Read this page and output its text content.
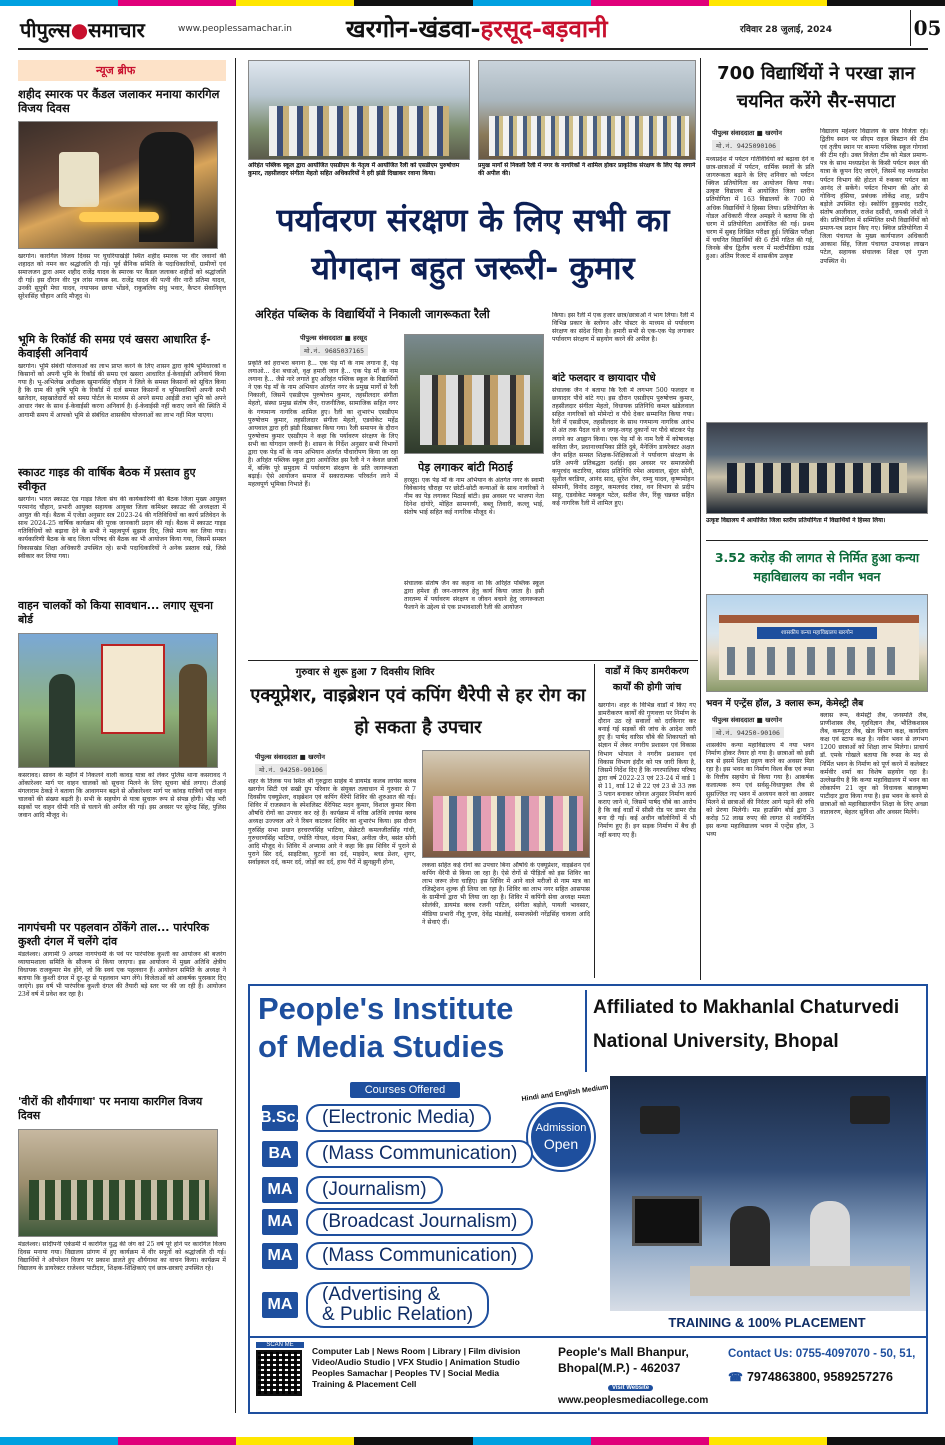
पीपुल्स●समाचार	www.peoplessamachar.in खरगोन-खंडवा-हरसूद-बड़वानी	रविवार 28 जुलाई, 2024	05
न्यूज ब्रीफ
शहीद स्मारक पर कैंडल जलाकर मनाया कारगिल विजय दिवस
खरगोन। कारगिल विजय दिवस पर घुघरियाखेड़ी स्थित शहीद स्मारक पर वीर जवानों की शहादत को नमन कर श्रद्धांजलि दी गई। पूर्व सैनिक समिति के पदाधिकारियों, ग्रामीणों एवं समाजजन द्वारा अमर शहीद राजेंद्र यादव के स्मारक पर कैंडल जलाकर शहीदों को श्रद्धांजलि दी गई। इस दौरान वीर पुत्र लांस नायक स्व. राजेंद्र यादव की पत्नी वीर नारी प्रतिमा यादव, उनकी सुपुत्री मेघा यादव, नयापस्थ छाया भोंडवे, राकुबलिय संधु भवार, कैप्टन सेवानिवृत्त सुरेशसिंह चौहान आदि मौजूद थे।
भूमि के रिकॉर्ड की समग्र एवं खसरा आधारित ई-केवाईसी अनिवार्य
खरगोन। भूमि संबंधी योजनाओं का लाभ प्राप्त करने के लिए शासन द्वारा कृषि भूमिधारकों व किसानों को अपनी भूमि के रिकॉर्ड की समग्र एवं खसरा आधारित ई-केवाईसी अनिवार्य किया गया है। भू-अभिलेख अधीक्षक खुमानसिंह चौहान ने जिले के समस्त किसानों को सूचित किया है कि ग्राम की कृषि भूमि के रिकॉर्ड में दर्ज समस्त किसानों व भूमिस्वामियों अपनी सभी खातेदार, सहखातेदारों को समग्र पोर्टल के माध्यम से अपने समग्र आईडी तथा भूमि को अपने आधार नंबर के साथ ई-केवाईसी करना अनिवार्य है। ई-केवाईसी नहीं कराए जाने की स्थिति में आगामी समय में आपको भूमि से संबंधित शासकीय योजनाओं का लाभ नहीं मिल पाएगा।
स्काउट गाइड की वार्षिक बैठक में प्रस्ताव हुए स्वीकृत
खरगोन। भारत स्काउट एंड गाइड जिला संघ की कार्यकारिणी की बैठक जिला मुख्य आयुक्त परमानंद चौहान, प्रभारी आयुक्त सहायक आयुक्त जिला कमिश्नर स्काउट की अध्यक्षता में आयुत की गई। बैठक में एजेंडा अनुसार सत्र 2023-24 की गतिविधियों का कार्य प्रतिवेदन के साथ 2024-25 वार्षिक कार्यक्रम की पूरक जानकारी प्रदान की गई। बैठक में स्काउट गाइड गतिविधियों को बढ़ावा देने के सभी ने महत्वपूर्ण सुझाव दिए, जिसे मान्य कर लिया गया। कार्यकारिणी बैठक के बाद जिला परिषद की बैठक का भी आयोजन किया गया, जिसमें समस्त विकासखंड शिक्षा अधिकारी उपस्थित रहे। सभी पदाधिकारियों ने अनेक प्रस्ताव रखे, जिसे स्वीकार कर लिया गया।
वाहन चालकों को किया सावधान... लगाए सूचना बोर्ड
कसरावद। सावन के महीने में निकलने वाली कावड़ यात्रा को लेकर पुलिस थाना कसरावद ने ओंकारेश्वर मार्ग पर वाहन चालकों को सूचना मिलने के लिए सूचना बोर्ड लगाए। टीआई मंगलाराम ठेकड़े ने बताया कि आवागमन बढ़ने से ओंकारेश्वर मार्ग पर कांवड़ यात्रियों एवं वाहन चालकों की संख्या बढ़ती है। सभी के सहयोग से यात्रा सुचारू रूप से संपन्न होगी। भीड़ भरी सड़कों पर वाहन धीमी गति से चलाने की अपील की गई। इस अवसर पर सुरेन्द्र सिंह, पुलिस जवान आदि मौजूद थे।
नागपंचमी पर पहलवान ठोंकेंगे ताल... पारंपरिक कुश्ती दंगल में चलेंगे दांव
मंडलेश्वर। आगामी 9 अगस्त नागपंचमी के पर्व पर पारंपरिक कुश्ती का आयोजन श्री बजरंग व्यायामशाला समिति के सौजन्य से किया जाएगा। इस आयोजन में मुख्य अतिथि क्षेत्रीय विधायक राजकुमार मेव होंगे, जो कि स्वयं एक पहलवान हैं। आयोजन समिति के अध्यक्ष ने बताया कि कुश्ती दंगल में दूर-दूर से पहलवान भाग लेंगे। विजेताओं को आकर्षक पुरस्कार दिए जाएंगे। इस वर्ष भी पारंपरिक कुश्ती दंगल की तैयारी बड़े स्तर पर की जा रही है। आयोजन 23वें वर्ष में प्रवेश कर रहा है।
'वीरों की शौर्यगाथा' पर मनाया कारगिल विजय दिवस
मंडलेश्वर। सांदीपनी एकेडमी में कारगिल युद्ध की जंग को 25 वर्ष पूरे होने पर कारगिल विजय दिवस मनाया गया। विद्यालय प्रांगण में हुए कार्यक्रम में वीर सपूतों को श्रद्धांजलि दी गई। विद्यार्थियों ने ऑपरेशन विजय पर प्रकाश डालते हुए शौर्यगाथा का वाचन किया। कार्यक्रम में विद्यालय के डायरेक्टर राजेश्वर पाटीदार, शिक्षक-शिक्षिकाएं एवं छात्र-छात्राएं उपस्थित रहे।
अरिहंत पब्लिक स्कूल द्वारा आयोजित एसडीएम के नेतृत्व में आयोजित रैली को एसडीएम पुरुषोत्तम कुमार, तहसीलदार संगीता मेहतो सहित अधिकारियों ने हरी झंडी दिखाकर रवाना किया।
प्रमुख मार्गों से निकली रैली में नगर के नागरिकों ने शामिल होकर प्राकृतिक संरक्षण के लिए पेड़ लगाने की अपील की।
पर्यावरण संरक्षण के लिए सभी का योगदान बहुत जरूरी- कुमार
अरिहंत पब्लिक के विद्यार्थियों ने निकाली जागरूकता रैली
पीपुल्स संवाददाता ■ हरसूद
मो.नं. 9685037165
प्रकृति को हराभरा बनाना है... एक पेड़ माँ के नाम लगाना है, पेड़ लगाओ... देश बचाओ, वृक्ष हमारी जान है... एक पेड़ माँ के नाम लगाना है... जैसे नारे लगाते हुए अरिहंत पब्लिक स्कूल के विद्यार्थियों ने एक पेड़ माँ के नाम अभियान अंतर्गत नगर के प्रमुख मार्गों से रैली निकाली, जिसमें एसडीएम पुरुषोत्तम कुमार, तहसीलदार संगीता मेहतो, संस्था प्रमुख संतोष जैन, राजनीतिक, सामाजिक सहित नगर के गणमान्य नागरिक शामिल हुए। रैली का शुभारंभ एसडीएम पुरुषोत्तम कुमार, तहसीलदार संगीता मेहतो, एडवोकेट महेंद्र आयवाल द्वारा हरी झंडी दिखाकर किया गया। रैली समापन के दौरान पुरुषोत्तम कुमार एसडीएम ने कहा कि पर्यावरण संरक्षण के लिए सभी का योगदान जरूरी है। शासन के निर्देश अनुसार सभी विभागों द्वारा एक पेड़ माँ के नाम अभियान अंतर्गत पौधारोपण किया जा रहा है। अरिहंत पब्लिक स्कूल द्वारा आयोजित इस रैली ने न केवल छात्रों में, बल्कि पूरे समुदाय में पर्यावरण संरक्षण के प्रति जागरूकता बढ़ाई। ऐसे आयोजन समाज में सकारात्मक परिवर्तन लाने में महत्वपूर्ण भूमिका निभाते हैं।
पेड़ लगाकर बांटी मिठाई
हरसूद। एक पेड़ माँ के नाम अभियान के अंतर्गत नगर के स्वामी विवेकानंद चौराहा पर छोटी-छोटी कन्याओं के साथ नागरिकों ने नीम का पेड़ लगाकर मिठाई बांटी। इस अवसर पर भाजपा नेता दिनेश दांगोरे, मोहित सामनाणी, बब्लू तिवारी, कल्लू भाई, संतोष भाई सहित कई नागरिक मौजूद थे।
संचालक संतोष जैन का कहना था कि अरिहंत पब्लिक स्कूल द्वारा हमेशा ही जन-जागरण हेतु कार्य किया जाता है। इसी तारतम्य में पर्यावरण संरक्षण व जीवन बचाने हेतु जागरूकता फैलाने के उद्देश्य से एक प्रभावशाली रैली की आयोजन
किया। इस रैली में एक हजार छात्र/छात्राओं ने भाग लिया। रैली में विभिन्न प्रकार के स्लोगन और पोस्टर के माध्यम से पर्यावरण संरक्षण का संदेश दिया है। हमारी सभी से एक-एक पेड़ लगाकर पर्यावरण संरक्षण में सहयोग करने की अपील है।
बांटे फलदार व छायादार पौधे
संचालक जैन ने बताया कि रैली में लगभग 500 फलदार व छायादार पौधे बांटे गए। इस दौरान एसडीएम पुरुषोत्तम कुमार, तहसीलदार संगीता मेहतो, विधायक प्रतिनिधि कमल खंडेलवाल सहित नागरिकों को मोमेन्टो व पौधे देकर सम्मानित किया गया। रैली में एसडीएम, तहसीलदार के साथ गणमान्य नागरिक आरंभ से अंत तक पैदल चले व जगह-जगह दुकानों पर पौधे बांटकर पेड़ लगाने का आह्वान किया। एक पेड़ माँ के नाम रैली में कोषाध्यक्ष कविता जैन, प्रधानाध्यापिका प्रीति दुबे, मैनेजिंग डायरेक्टर अक्षत जैन सहित समस्त शिक्षक-शिक्षिकाओं ने पर्यावरण संरक्षण के प्रति अपनी प्रतिबद्धता दर्शाई। इस अवसर पर समाजसेवी कपूरचंद कटारिया, सांसद प्रतिनिधि रमेश अग्रवाल, सुंदर सोनी, सुशील बरडिया, आनंद साद, सुरेश जैन, राम्यु यादव, कृष्णमोहन सोमानी, विनोद ठाकुर, कमलचंद रांका, वन विभाग से प्रदीप साहू, एडवोकेट मकबूल पटेल, सतीश जैन, रिंकू चन्नवत सहित कई नागरिक रैली में शामिल हुए।
700 विद्यार्थियों ने परखा ज्ञान चयनित करेंगे सैर-सपाटा
पीपुल्स संवाददाता ■ खरगोन
मो.नं. 9425090106
मध्यप्रदेश में पर्यटन गतिविधियों को बढ़ावा देने व छात्र-छात्राओं में पर्यटन, धार्मिक स्थलों के प्रति जागरूकता बढ़ाने के लिए शनिवार को पर्यटन क्विज प्रतियोगिता का आयोजन किया गया। उत्कृष्ट विद्यालय में आयोजित जिला स्तरीय प्रतियोगिता में 163 विद्यालयों के 700 से अधिक विद्यार्थियों ने हिस्सा लिया। प्रतियोगिता के नोडल अधिकारी नीरज अमझरे ने बताया कि दो चरण में प्रतियोगिता आयोजित की गई। प्रथम चरण में सुबह लिखित परीक्षा हुई। लिखित परीक्षा में चयनित विद्यार्थियों की 6 टीमें गठित की गई, जिनके बीच द्वितीय चरण में मल्टीमीडिया राउंड हुआ। अंतिम रिजल्ट में शासकीय उत्कृष्ट
विद्यालय महेश्वर विद्यालय के छात्र विजेता रहे। द्वितीय स्थान पर सीएम राइज बिस्टान की टीम एवं तृतीय स्थान पर बामना पब्लिक स्कूल गोगावां की टीम रही। उक्त विजेता टीम को मेडल प्रमाण-पत्र के साथ मध्यप्रदेश के किसी पर्यटन स्थल की यात्रा के कूपन दिए जाएंगे, जिसमें यह मध्यप्रदेश पर्यटन विभाग की होटल में रुककर पर्यटन का आनंद ले सकेंगे। पर्यटन विभाग की ओर से गोविन्द हंसिया, प्रबंधक लोकेंद्र शाह, प्रदीप बड़ोले उपस्थित रहे। स्कोरिंग हुकुमचंद राठौर, संतोष आलीवाल, राजेश दसौंधी, जयश्री जोशी ने की। प्रतियोगिता में सम्मिलित सभी विद्यार्थियों को प्रमाण-पत्र प्रदान किए गए। क्विज प्रतियोगिता में जिला पंचायत के मुख्य कार्यपालन अधिकारी आकाश सिंह, जिला पंचायत उपाध्यक्ष लाखन पटेल, सहायक संचालक शिक्षा एवं गुप्ता उपस्थित थे।
उत्कृष्ट विद्यालय में आयोजित जिला स्तरीय प्रतियोगिता में विद्यार्थियों ने हिस्सा लिया।
3.52 करोड़ की लागत से निर्मित हुआ कन्या महाविद्यालय का नवीन भवन
शासकीय कन्या महाविद्यालय खरगोन
भवन में एन्ट्रेंस हॉल, 3 क्लास रूम, केमेस्ट्री लैब
पीपुल्स संवाददाता ■ खरगोन
मो.नं. 94250-90106
शासकीय कन्या महाविद्यालय में नया भवन निर्माण होकर तैयार हो गया है। छात्राओं को इसी सत्र से इसमें शिक्षा ग्रहण करने का अवसर मिल रहा है। इस भवन का निर्माण विश्व बैंक एवं रूसा के वित्तीय सहयोग से किया गया है। आकर्षक कलात्मक रूप एवं सर्वसु-विधायुक्त लैब से सुसज्जित नए भवन में अध्ययन करने का अवसर मिलने से छात्राओं की निरंतर आगे पढ़ने की रुचि को प्रेरणा मिलेगी। मप्र हाउसिंग बोर्ड द्वारा 3 करोड़ 52 लाख रुपए की लागत से नवनिर्मित इस कन्या महाविद्यालय भवन में एन्ट्रेंस हॉल, 3 भव्य
क्लास रूम, केमेस्ट्री लैब, जनस्पति लैब, प्राणीशास्त्र लैब, गृहविज्ञान लैब, भौतिकशास्त्र लैब, कम्प्यूटर लैब, खेल विभाग कक्ष, कार्यालय कक्ष एवं स्टाफ कक्ष है। नवीन भवन से लगभग 1200 छात्राओं को शिक्षा लाभ मिलेगा। प्राचार्य डॉ. एमके गोखले बताया कि रूसा के मद से निर्मित भवन के निर्माण को पूर्ण करने में कलेक्टर कर्मवीर शर्मा का विशेष सहयोग रहा है। उल्लेखनीय है कि कन्या महाविद्यालय में भवन का लोकार्पण 21 जून को विधायक बालकृष्ण पाटीदार द्वारा किया गया है। इस भवन के बनने से छात्राओं को महाविद्यालयीन शिक्षा के लिए अच्छा वातावरण, बेहतर सुविधा और अवसर मिलेंगे।
गुरुवार से शुरू हुआ 7 दिवसीय शिविर
एक्यूप्रेशर, वाइब्रेशन एवं कपिंग थैरेपी से हर रोग का हो सकता है उपचार
पीपुल्स संवाददाता ■ खरगोन
मो.नं. 94250-90106
शहर के तिलक पथ स्थित श्री गुरुद्वारा साहेब में डायमंड कलब लायंस कलब खरगोन सिटी एवं सखी ग्रुप परिवार के संयुक्त तत्वाधान में गुरुवार से 7 दिवसीय एक्यूप्रेशर, वाइब्रेशन एवं कपिंग थैरेपी शिविर की शुरुआत की गई। शिविर में राजस्थान के स्पेशलिस्ट थैरेपिस्ट मदन कुमार, विशाल कुमार बिना औषधि रोगों का उपचार कर रहे हैं। कार्यक्रम में वरिष्ठ अतिथि लायंस क्लब अध्यक्ष उज्ज्वल अरे ने रिबन काटकर शिविर का शुभारंभ किया। इस दौरान गुरुसिंह सभा प्रधान हरचरणसिंह भाटिया, सेक्रेटरी कमलजीतसिंह गांधी, गुरुचरणसिंह भाटिया, ज्योति गोयल, वंदना मिश्रा, अनीता जैन, बसंत सोनी आदि मौजूद थे। शिविर में अभ्यास आरे ने कहा कि इस शिविर में पुराने से पुराने सिर दर्द, साइटिका, घुटनों का दर्द, माइग्रेन, ब्लड प्रेशर, शुगर, सर्वाइकल दर्द, कमर दर्द, जोड़ों का दर्द, हाथ पैरों में झुनझुनी होना,	लकवा सहित कई रोगों का उपचार बिना औषधि के एक्यूप्रेशर, वाइब्रेशन एवं कपिंग थैरेपी से किया जा रहा है। ऐसे रोगों से पीड़ितों को इस शिविर का लाभ जरूर लेना चाहिए। इस शिविर में आने वाले मरीजों से नाम मात्र का रजिस्ट्रेशन शुल्क ही लिया जा रहा है। शिविर का लाभ नगर सहित आसपास के ग्रामीणों द्वारा भी लिया जा रहा है। शिविर में कपिंगी सेवा अध्यक्ष ममता सोलंकी, डायमंड क्लब रजनी पाटिल, संगीता बड़ोले, पायली भावसार, मीडिया प्रभारी नीतू गुप्ता, देवेंद्र मंडलोई, समाजसेवी नरेंद्रसिंह चावला आदि ने सेवाएं दीं।
वार्डों में किए डामरीकरण कार्यों की होगी जांच
खरगोन। शहर के विभिन्न वार्डों में किए गए डामरीकरण कार्यों की गुणवत्ता पर निर्माण के दौरान उठ रहे सवालों को दरकिनार कर बनाई गई सड़कों की जांच के आदेश जारी हुए हैं। पार्षद वारिस चौबे की शिकायतों को संज्ञान में लेकर नगरीय प्रशासन एवं विकास विभाग भोपाल ने नगरीय प्रशासन एवं विकास विभाग इंदौर को पत्र जारी किया है, जिसमें निर्देश दिए हैं कि नगरपालिका परिषद द्वारा वर्ष 2022-23 एवं 23-24 में वार्ड 1 से 11, वार्ड 12 से 22 एवं 23 से 33 तक 3 प्लान बनाकर जोनल अनुसार निर्माण कार्य कराए जाने थे, जिसमें पार्षद चौबे का आरोप है कि कई वार्डों में सीसी रोड पर डामर रोड बना दी गई। कई अधीन कॉलोनियों में भी निर्माण हुए हैं। इन सड़क निर्माण में बैच ही नहीं बनाए गए हैं।
People's Institute
of Media Studies
Affiliated to Makhanlal Chaturvedi
National University, Bhopal
Courses Offered	Hindi and English Medium
Admission
Open
B.Sc.	(Electronic Media)
BA	(Mass Communication)
MA	(Journalism)
MA	(Broadcast Journalism)
MA	(Mass Communication)
MA (Advertising &
& Public Relation)	TRAINING & 100% PLACEMENT
SCAN ME
Computer Lab | News Room | Library | Film division
Video/Audio Studio | VFX Studio | Animation Studio
Peoples Samachar | Peoples TV | Social Media
Training & Placement Cell
People's Mall Bhanpur,
Bhopal(M.P.) - 462037
Visit Website
www.peoplesmediacollege.com
Contact Us: 0755-4097070 - 50, 51,
☎ 7974863800, 9589257276
